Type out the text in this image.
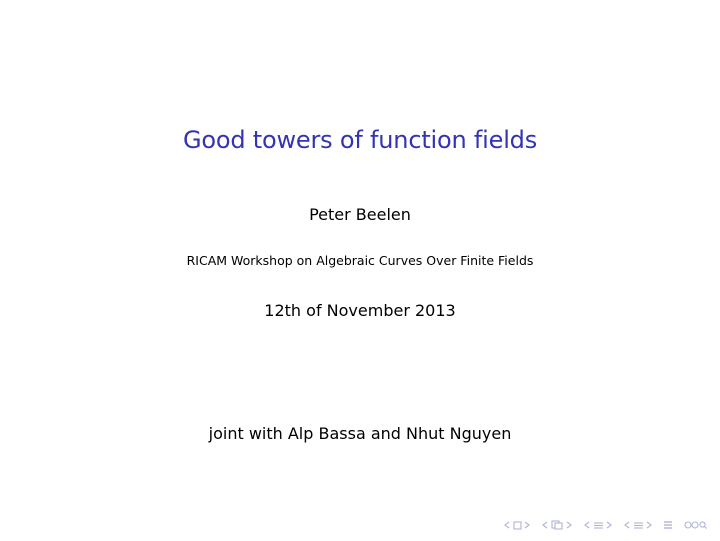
Good towers of function fields
Peter Beelen
RICAM Workshop on Algebraic Curves Over Finite Fields
12th of November 2013
joint with Alp Bassa and Nhut Nguyen
